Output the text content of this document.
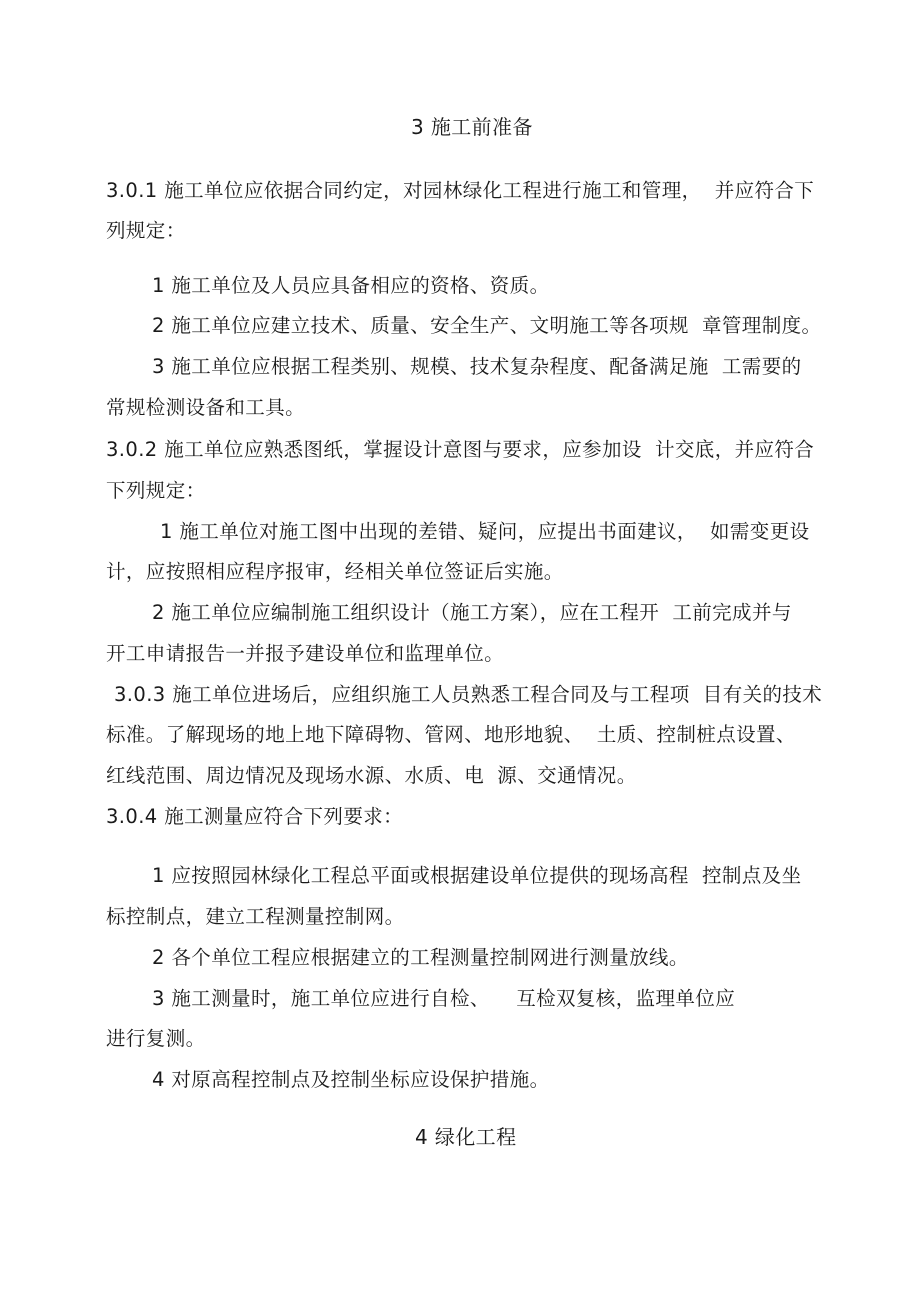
3 施工前准备
3.0.1 施工单位应依据合同约定，对园林绿化工程进行施工和管理，  并应符合下
列规定：
1 施工单位及人员应具备相应的资格、资质。
2 施工单位应建立技术、质量、安全生产、文明施工等各项规  章管理制度。
3 施工单位应根据工程类别、规模、技术复杂程度、配备满足施  工需要的
常规检测设备和工具。
3.0.2 施工单位应熟悉图纸，掌握设计意图与要求，应参加设  计交底，并应符合
下列规定：
1 施工单位对施工图中出现的差错、疑问，应提出书面建议，  如需变更设
计，应按照相应程序报审，经相关单位签证后实施。
2 施工单位应编制施工组织设计（施工方案），应在工程开  工前完成并与
开工申请报告一并报予建设单位和监理单位。
3.0.3 施工单位进场后，应组织施工人员熟悉工程合同及与工程项  目有关的技术
标准。了解现场的地上地下障碍物、管网、地形地貌、  土质、控制桩点设置、
红线范围、周边情况及现场水源、水质、电  源、交通情况。
3.0.4 施工测量应符合下列要求：
1 应按照园林绿化工程总平面或根据建设单位提供的现场高程  控制点及坐
标控制点，建立工程测量控制网。
2 各个单位工程应根据建立的工程测量控制网进行测量放线。
3 施工测量时，施工单位应进行自检、    互检双复核，监理单位应
进行复测。
4 对原高程控制点及控制坐标应设保护措施。
4 绿化工程
